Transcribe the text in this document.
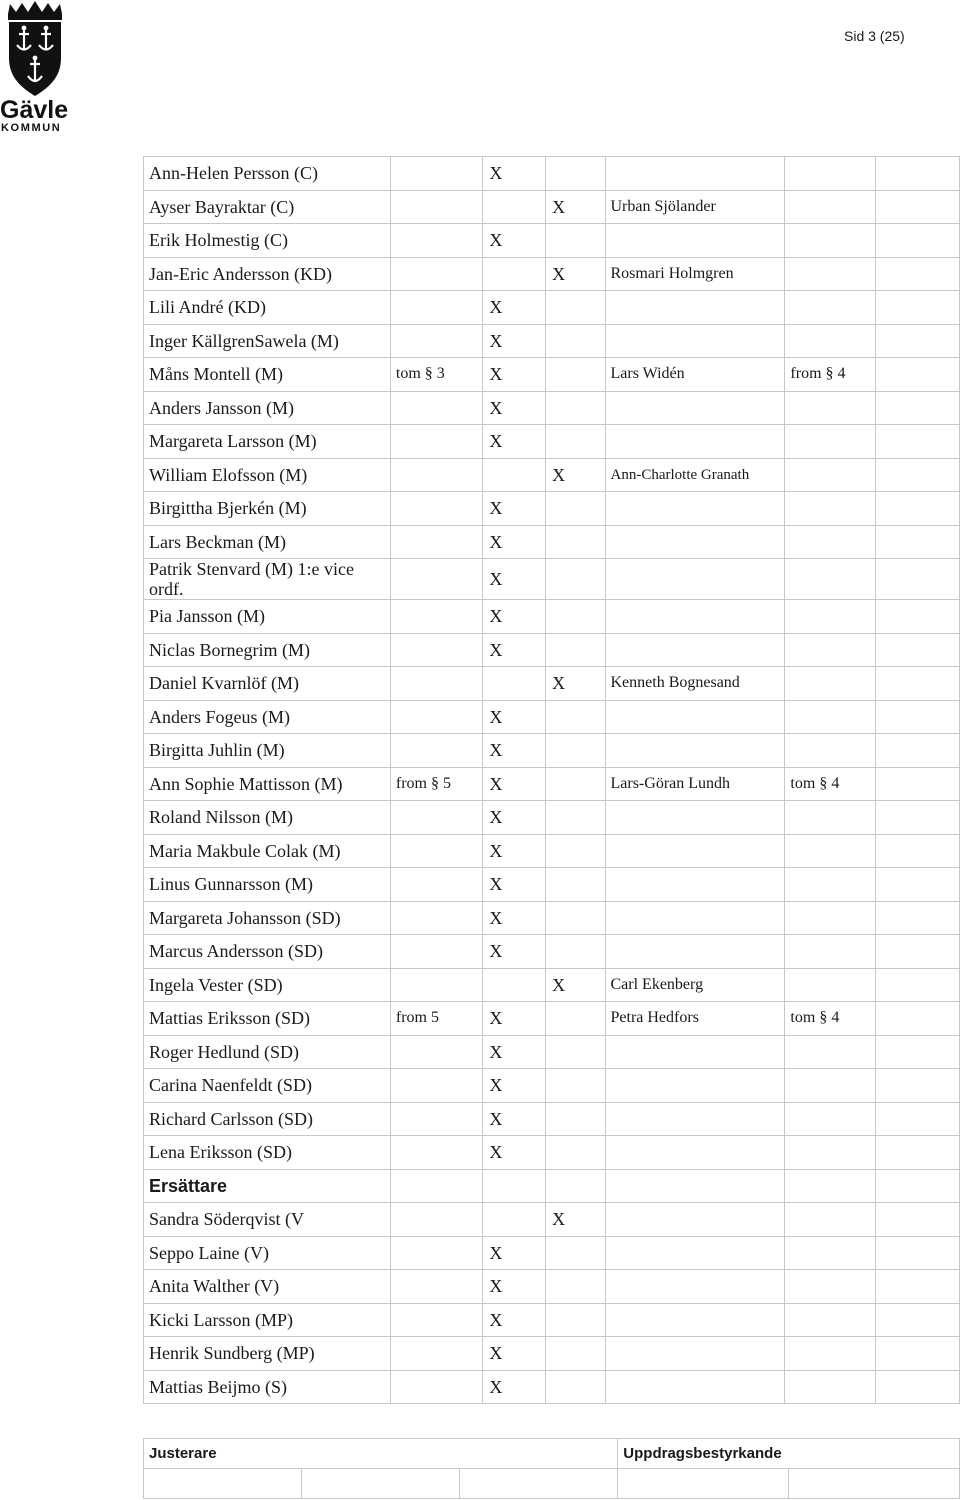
Gävle
KOMMUN
Sid 3 (25)
Ann-Helen Persson (C)		X				
Ayser Bayraktar (C)			X	Urban Sjölander		
Erik Holmestig (C)		X				
Jan-Eric Andersson (KD)			X	Rosmari Holmgren		
Lili André (KD)		X				
Inger KällgrenSawela (M)		X				
Måns Montell (M)	tom § 3	X		Lars Widén	from § 4	
Anders Jansson (M)		X				
Margareta Larsson (M)		X				
William Elofsson (M)			X	Ann-Charlotte Granath		
Birgittha Bjerkén (M)		X				
Lars Beckman (M)		X				
Patrik Stenvard (M) 1:e vice ordf.		X				
Pia Jansson (M)		X				
Niclas Bornegrim (M)		X				
Daniel Kvarnlöf (M)			X	Kenneth Bognesand		
Anders Fogeus (M)		X				
Birgitta Juhlin (M)		X				
Ann Sophie Mattisson (M)	from § 5	X		Lars-Göran Lundh	tom § 4	
Roland Nilsson (M)		X				
Maria Makbule Colak (M)		X				
Linus Gunnarsson (M)		X				
Margareta Johansson (SD)		X				
Marcus Andersson (SD)		X				
Ingela Vester (SD)			X	Carl Ekenberg		
Mattias Eriksson (SD)	from 5	X		Petra Hedfors	tom § 4	
Roger Hedlund (SD)		X				
Carina Naenfeldt (SD)		X				
Richard Carlsson (SD)		X				
Lena Eriksson (SD)		X				
Ersättare						
Sandra Söderqvist (V			X			
Seppo Laine (V)		X				
Anita Walther (V)		X				
Kicki Larsson (MP)		X				
Henrik Sundberg (MP)		X				
Mattias Beijmo (S)		X				
Justerare			Uppdragsbestyrkande	
